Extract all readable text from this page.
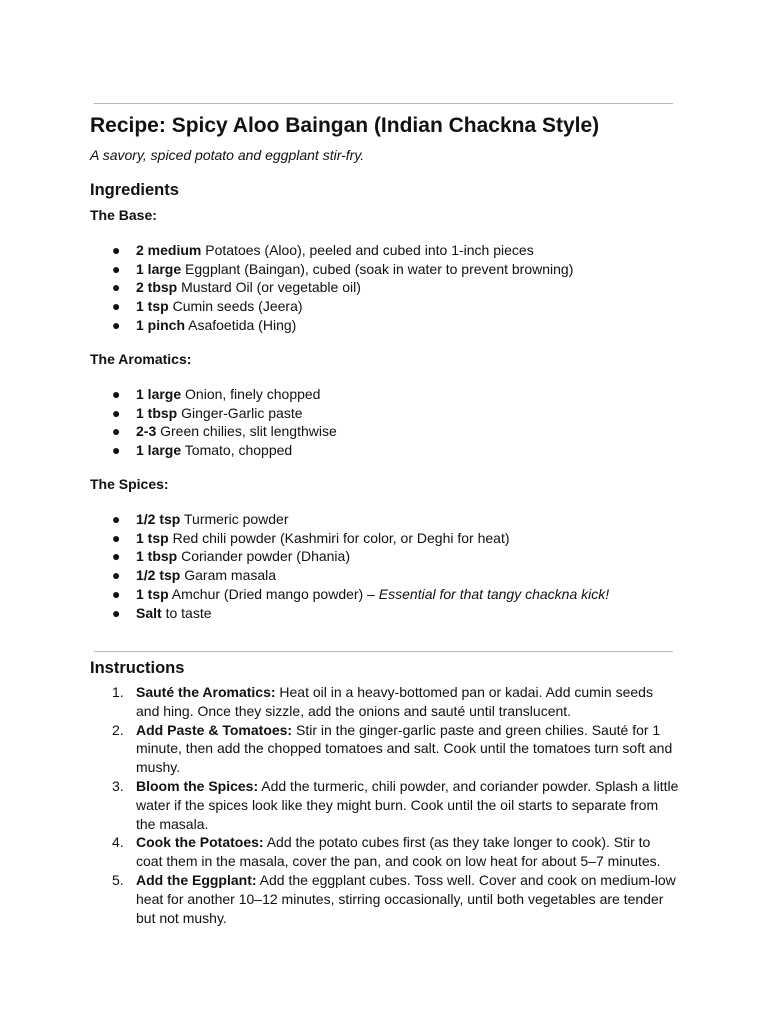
Recipe: Spicy Aloo Baingan (Indian Chackna Style)

A savory, spiced potato and eggplant stir-fry.

Ingredients
The Base:
● 2 medium Potatoes (Aloo), peeled and cubed into 1-inch pieces
● 1 large Eggplant (Baingan), cubed (soak in water to prevent browning)
● 2 tbsp Mustard Oil (or vegetable oil)
● 1 tsp Cumin seeds (Jeera)
● 1 pinch Asafoetida (Hing)
The Aromatics:
● 1 large Onion, finely chopped
● 1 tbsp Ginger-Garlic paste
● 2-3 Green chilies, slit lengthwise
● 1 large Tomato, chopped
The Spices:
● 1/2 tsp Turmeric powder
● 1 tsp Red chili powder (Kashmiri for color, or Deghi for heat)
● 1 tbsp Coriander powder (Dhania)
● 1/2 tsp Garam masala
● 1 tsp Amchur (Dried mango powder) – Essential for that tangy chackna kick!
● Salt to taste
Instructions
1. Sauté the Aromatics: Heat oil in a heavy-bottomed pan or kadai. Add cumin seeds and hing. Once they sizzle, add the onions and sauté until translucent.
2. Add Paste & Tomatoes: Stir in the ginger-garlic paste and green chilies. Sauté for 1 minute, then add the chopped tomatoes and salt. Cook until the tomatoes turn soft and mushy.
3. Bloom the Spices: Add the turmeric, chili powder, and coriander powder. Splash a little water if the spices look like they might burn. Cook until the oil starts to separate from the masala.
4. Cook the Potatoes: Add the potato cubes first (as they take longer to cook). Stir to coat them in the masala, cover the pan, and cook on low heat for about 5–7 minutes.
5. Add the Eggplant: Add the eggplant cubes. Toss well. Cover and cook on medium-low heat for another 10–12 minutes, stirring occasionally, until both vegetables are tender but not mushy.
